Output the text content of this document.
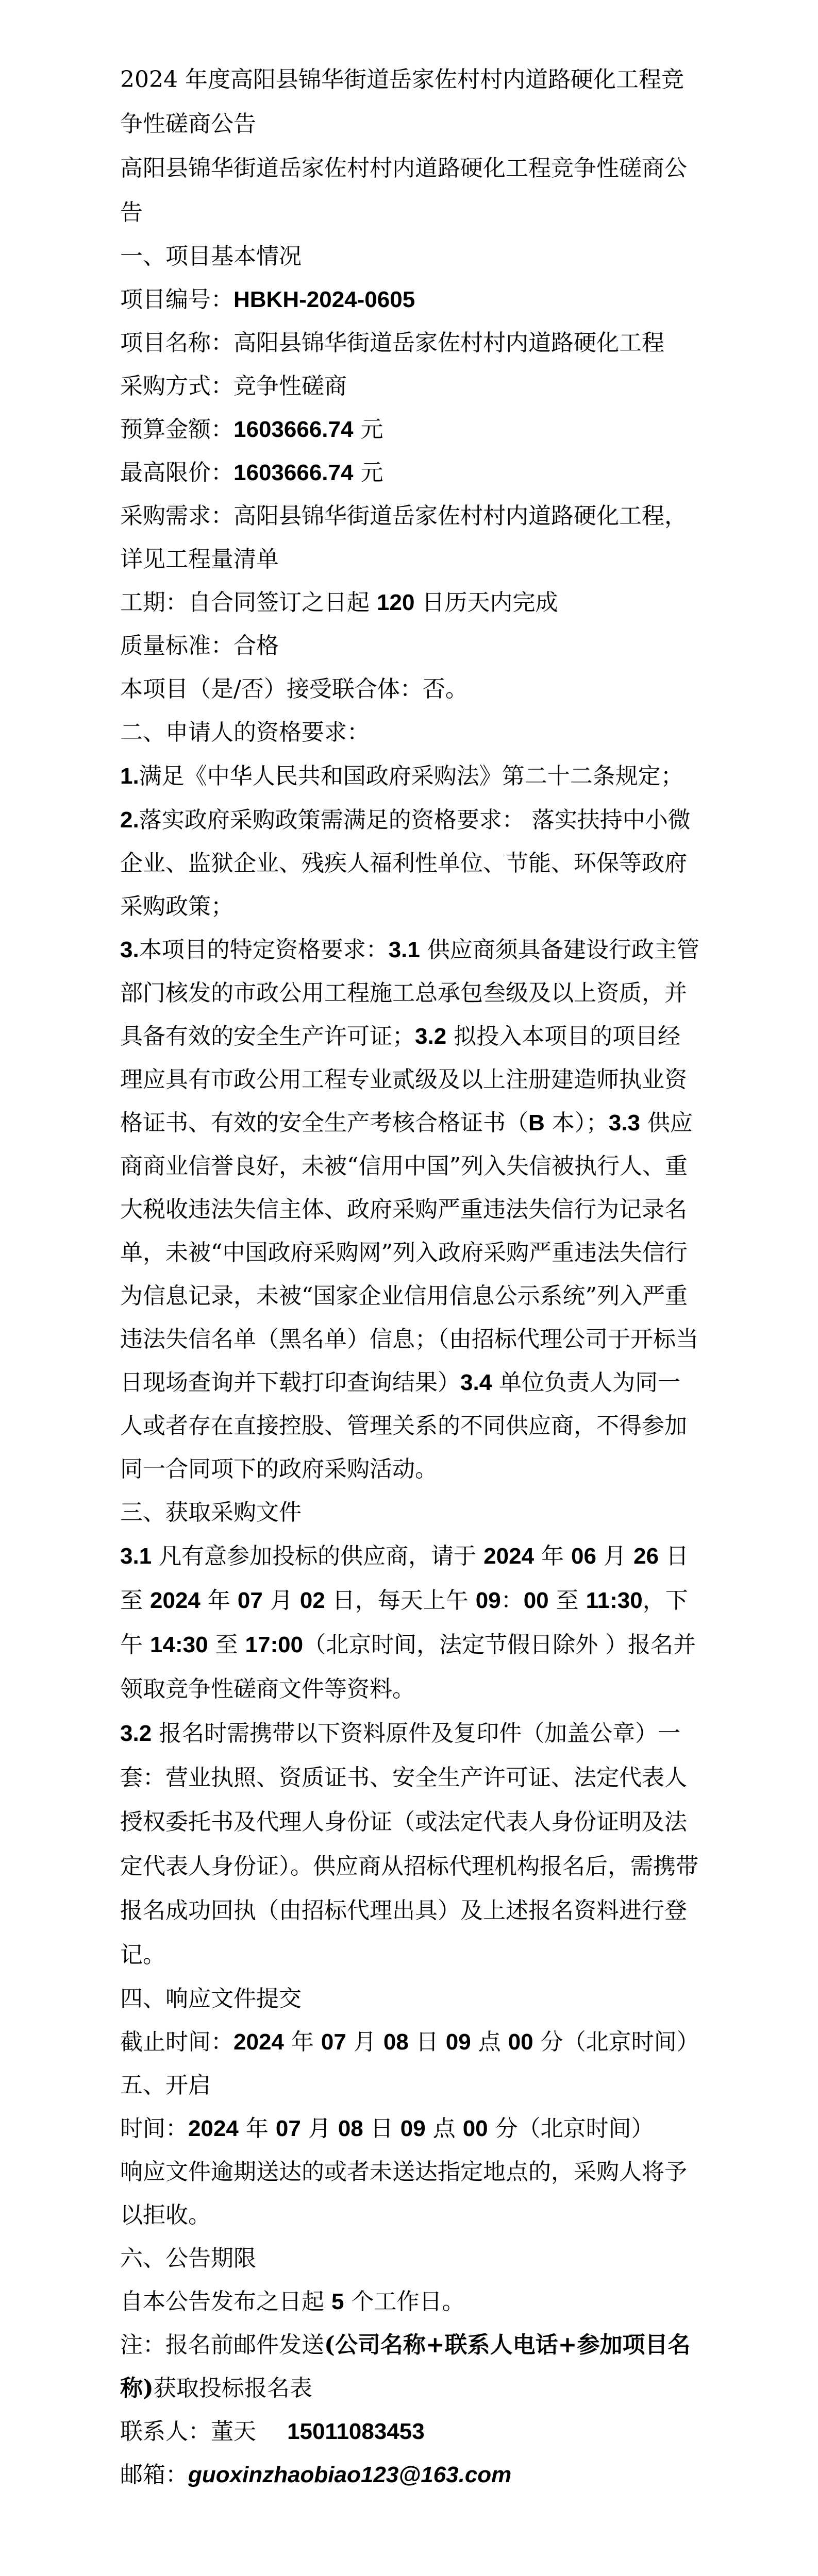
2024 年度高阳县锦华街道岳家佐村村内道路硬化工程竞争性磋商公告

高阳县锦华街道岳家佐村村内道路硬化工程竞争性磋商公告

一、项目基本情况

项目编号：HBKH-2024-0605

项目名称：高阳县锦华街道岳家佐村村内道路硬化工程

采购方式：竞争性磋商

预算金额：1603666.74 元

最高限价：1603666.74 元

采购需求：高阳县锦华街道岳家佐村村内道路硬化工程，详见工程量清单

工期：自合同签订之日起 120 日历天内完成

质量标准：合格

本项目（是/否）接受联合体：否。

二、申请人的资格要求：

1.满足《中华人民共和国政府采购法》第二十二条规定；

2.落实政府采购政策需满足的资格要求： 落实扶持中小微企业、监狱企业、残疾人福利性单位、节能、环保等政府采购政策；

3.本项目的特定资格要求：3.1 供应商须具备建设行政主管部门核发的市政公用工程施工总承包叁级及以上资质，并具备有效的安全生产许可证；3.2 拟投入本项目的项目经理应具有市政公用工程专业贰级及以上注册建造师执业资格证书、有效的安全生产考核合格证书（B 本）；3.3 供应商商业信誉良好，未被“信用中国”列入失信被执行人、重大税收违法失信主体、政府采购严重违法失信行为记录名单，未被“中国政府采购网”列入政府采购严重违法失信行为信息记录，未被“国家企业信用信息公示系统”列入严重违法失信名单（黑名单）信息；（由招标代理公司于开标当日现场查询并下载打印查询结果）3.4 单位负责人为同一人或者存在直接控股、管理关系的不同供应商，不得参加同一合同项下的政府采购活动。

三、获取采购文件

3.1 凡有意参加投标的供应商，请于 2024 年 06 月 26 日至 2024 年 07 月 02 日，每天上午 09：00 至 11:30，下午 14:30 至 17:00（北京时间，法定节假日除外 ）报名并领取竞争性磋商文件等资料。

3.2 报名时需携带以下资料原件及复印件（加盖公章）一套：营业执照、资质证书、安全生产许可证、法定代表人授权委托书及代理人身份证（或法定代表人身份证明及法定代表人身份证）。供应商从招标代理机构报名后，需携带报名成功回执（由招标代理出具）及上述报名资料进行登记。

四、响应文件提交

截止时间：2024 年 07 月 08 日 09 点 00 分（北京时间）

五、开启

时间：2024 年 07 月 08 日 09 点 00 分（北京时间）

响应文件逾期送达的或者未送达指定地点的，采购人将予以拒收。

六、公告期限

自本公告发布之日起 5 个工作日。

注：报名前邮件发送(公司名称+联系人电话+参加项目名称)获取投标报名表

联系人：董天 15011083453

邮箱：guoxinzhaobiao123@163.com
